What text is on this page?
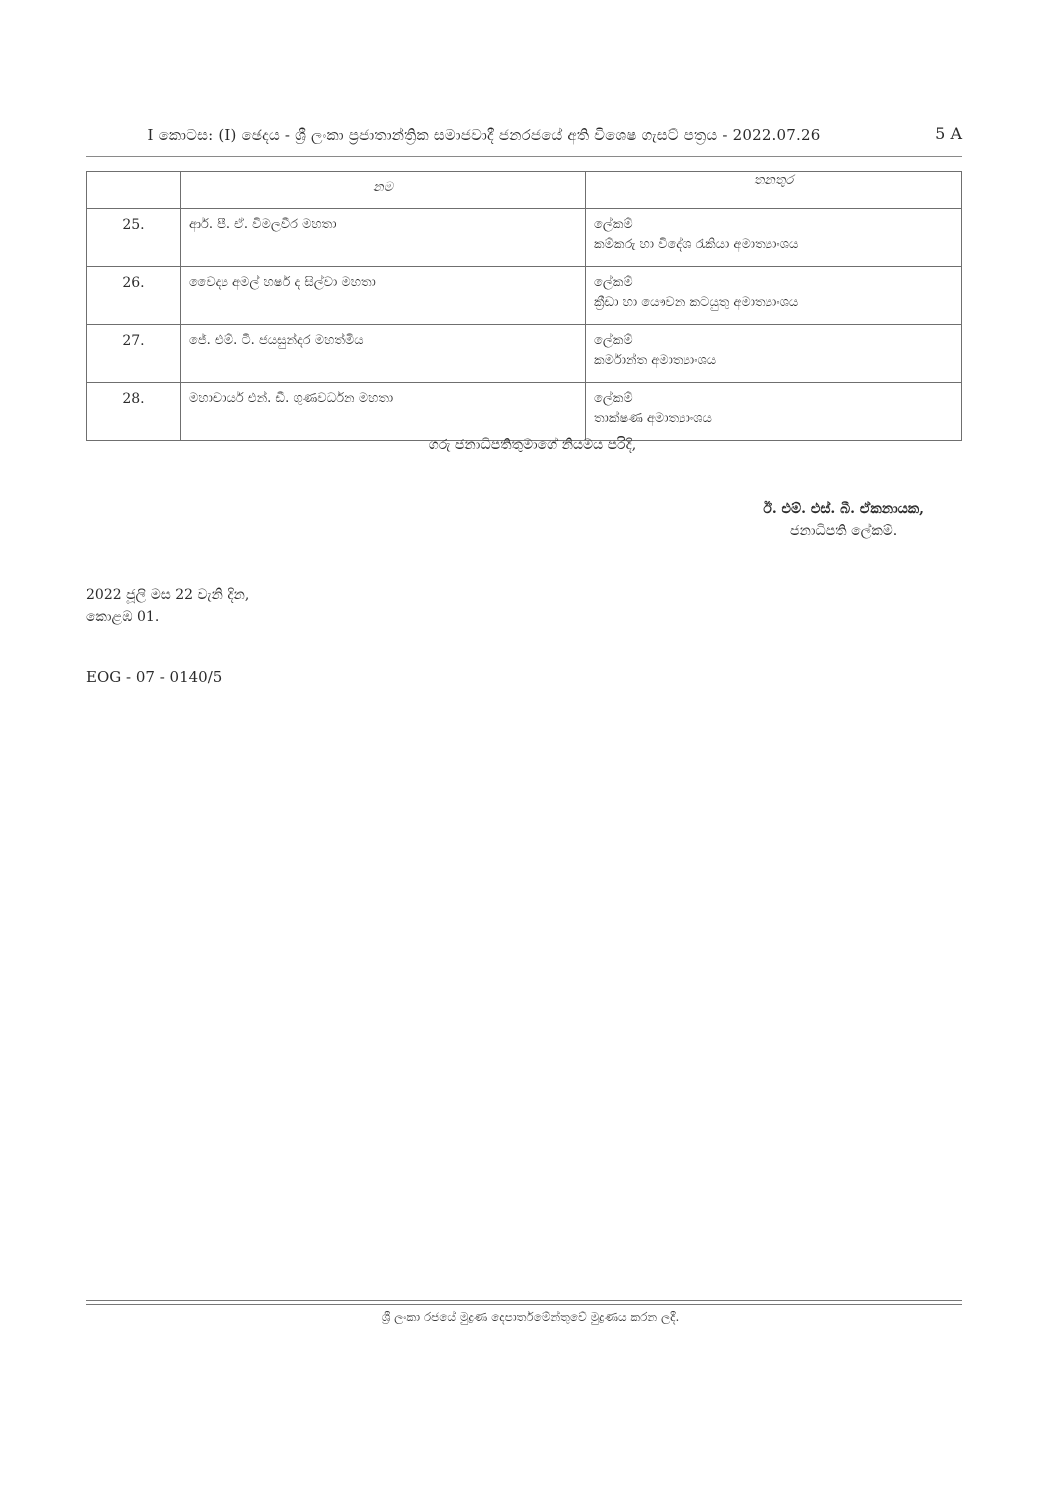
I කොටස: (I) ඡෙදය - ශ්‍රී ලංකා ප්‍රජාතාන්ත්‍රික සමාජවාදී ජනරජයේ අති විශෙෂ ගැසට් පත්‍රය - 2022.07.26	5 A
	නම	තනතුර
25.	ආර්. පී. ඒ. විමලවීර මහතා	ලේකම්
කම්කරු හා විදේශ රැකියා අමාත්‍යාංශය

26.	වෛද්‍ය අමල් හර්ෂ ද සිල්වා මහතා	ලේකම්
ක්‍රීඩා හා යෞවන කටයුතු අමාත්‍යාංශය

27.	ජේ. එම්. ටී. ජයසුන්දර මහත්මිය	ලේකම්
කර්මාන්ත අමාත්‍යාංශය

28.	මහාචාර්ය එන්. ඩී. ගුණවර්ධන මහතා	ලේකම්
තාක්ෂණ අමාත්‍යාංශය
ගරු ජනාධිපතිතුමාගේ නියමය පරිදි,
ඊ. එම්. එස්. බී. ඒකනායක,
ජනාධිපති ලේකම්.
2022 ජූලි මස 22 වැනි දින,
කොළඹ 01.
EOG - 07 - 0140/5
ශ්‍රී ලංකා රජයේ මුද්‍රණ දෙපාර්තමේන්තුවේ මුද්‍රණය කරන ලදී.
